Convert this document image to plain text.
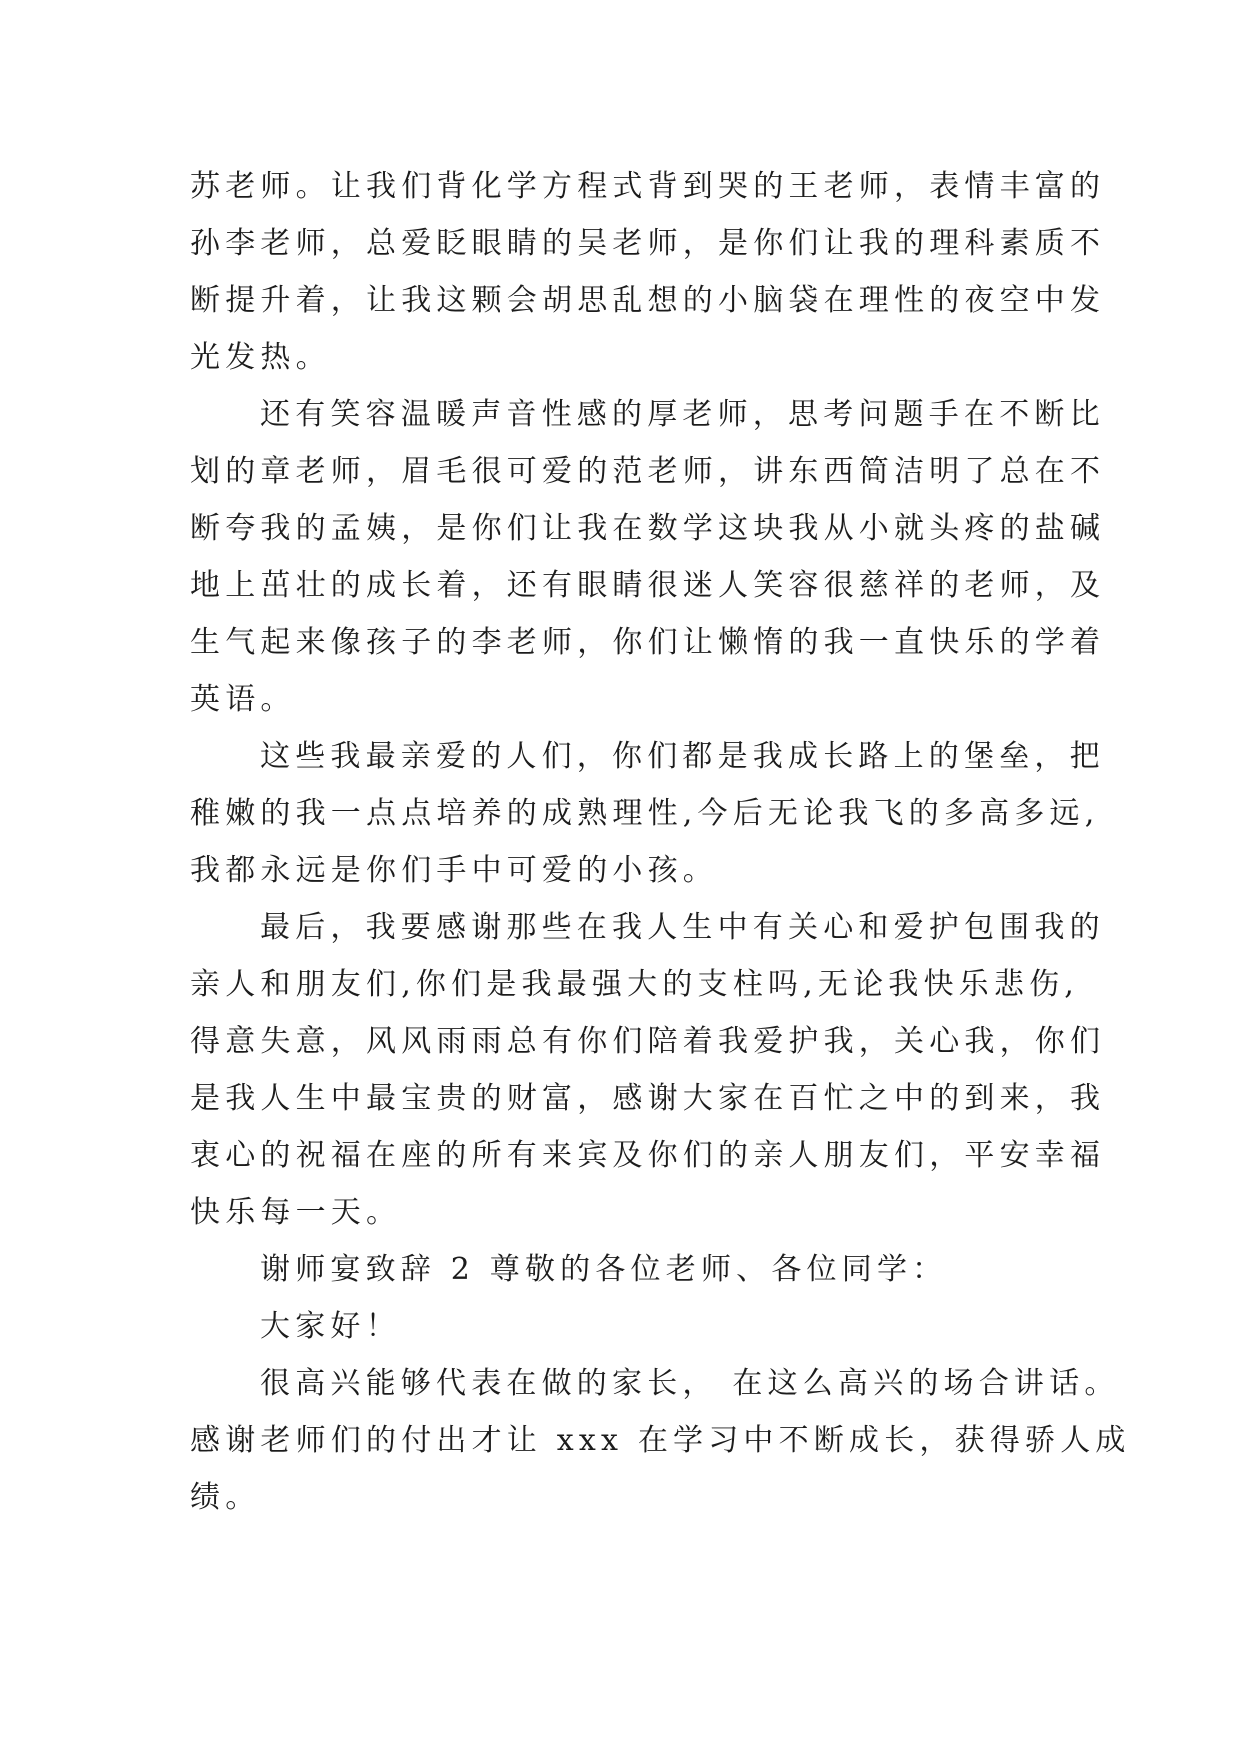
苏老师。让我们背化学方程式背到哭的王老师，表情丰富的
孙李老师，总爱眨眼睛的吴老师，是你们让我的理科素质不
断提升着，让我这颗会胡思乱想的小脑袋在理性的夜空中发
光发热。
还有笑容温暖声音性感的厚老师，思考问题手在不断比
划的章老师，眉毛很可爱的范老师，讲东西简洁明了总在不
断夸我的孟姨，是你们让我在数学这块我从小就头疼的盐碱
地上茁壮的成长着，还有眼睛很迷人笑容很慈祥的老师，及
生气起来像孩子的李老师，你们让懒惰的我一直快乐的学着
英语。
这些我最亲爱的人们，你们都是我成长路上的堡垒，把
稚嫩的我一点点培养的成熟理性,今后无论我飞的多高多远,
我都永远是你们手中可爱的小孩。
最后，我要感谢那些在我人生中有关心和爱护包围我的
亲人和朋友们,你们是我最强大的支柱吗,无论我快乐悲伤,
得意失意，风风雨雨总有你们陪着我爱护我，关心我，你们
是我人生中最宝贵的财富，感谢大家在百忙之中的到来，我
衷心的祝福在座的所有来宾及你们的亲人朋友们，平安幸福
快乐每一天。
谢师宴致辞 2 尊敬的各位老师、各位同学：
大家好！
很高兴能够代表在做的家长， 在这么高兴的场合讲话。
感谢老师们的付出才让 xxx 在学习中不断成长，获得骄人成
绩。
